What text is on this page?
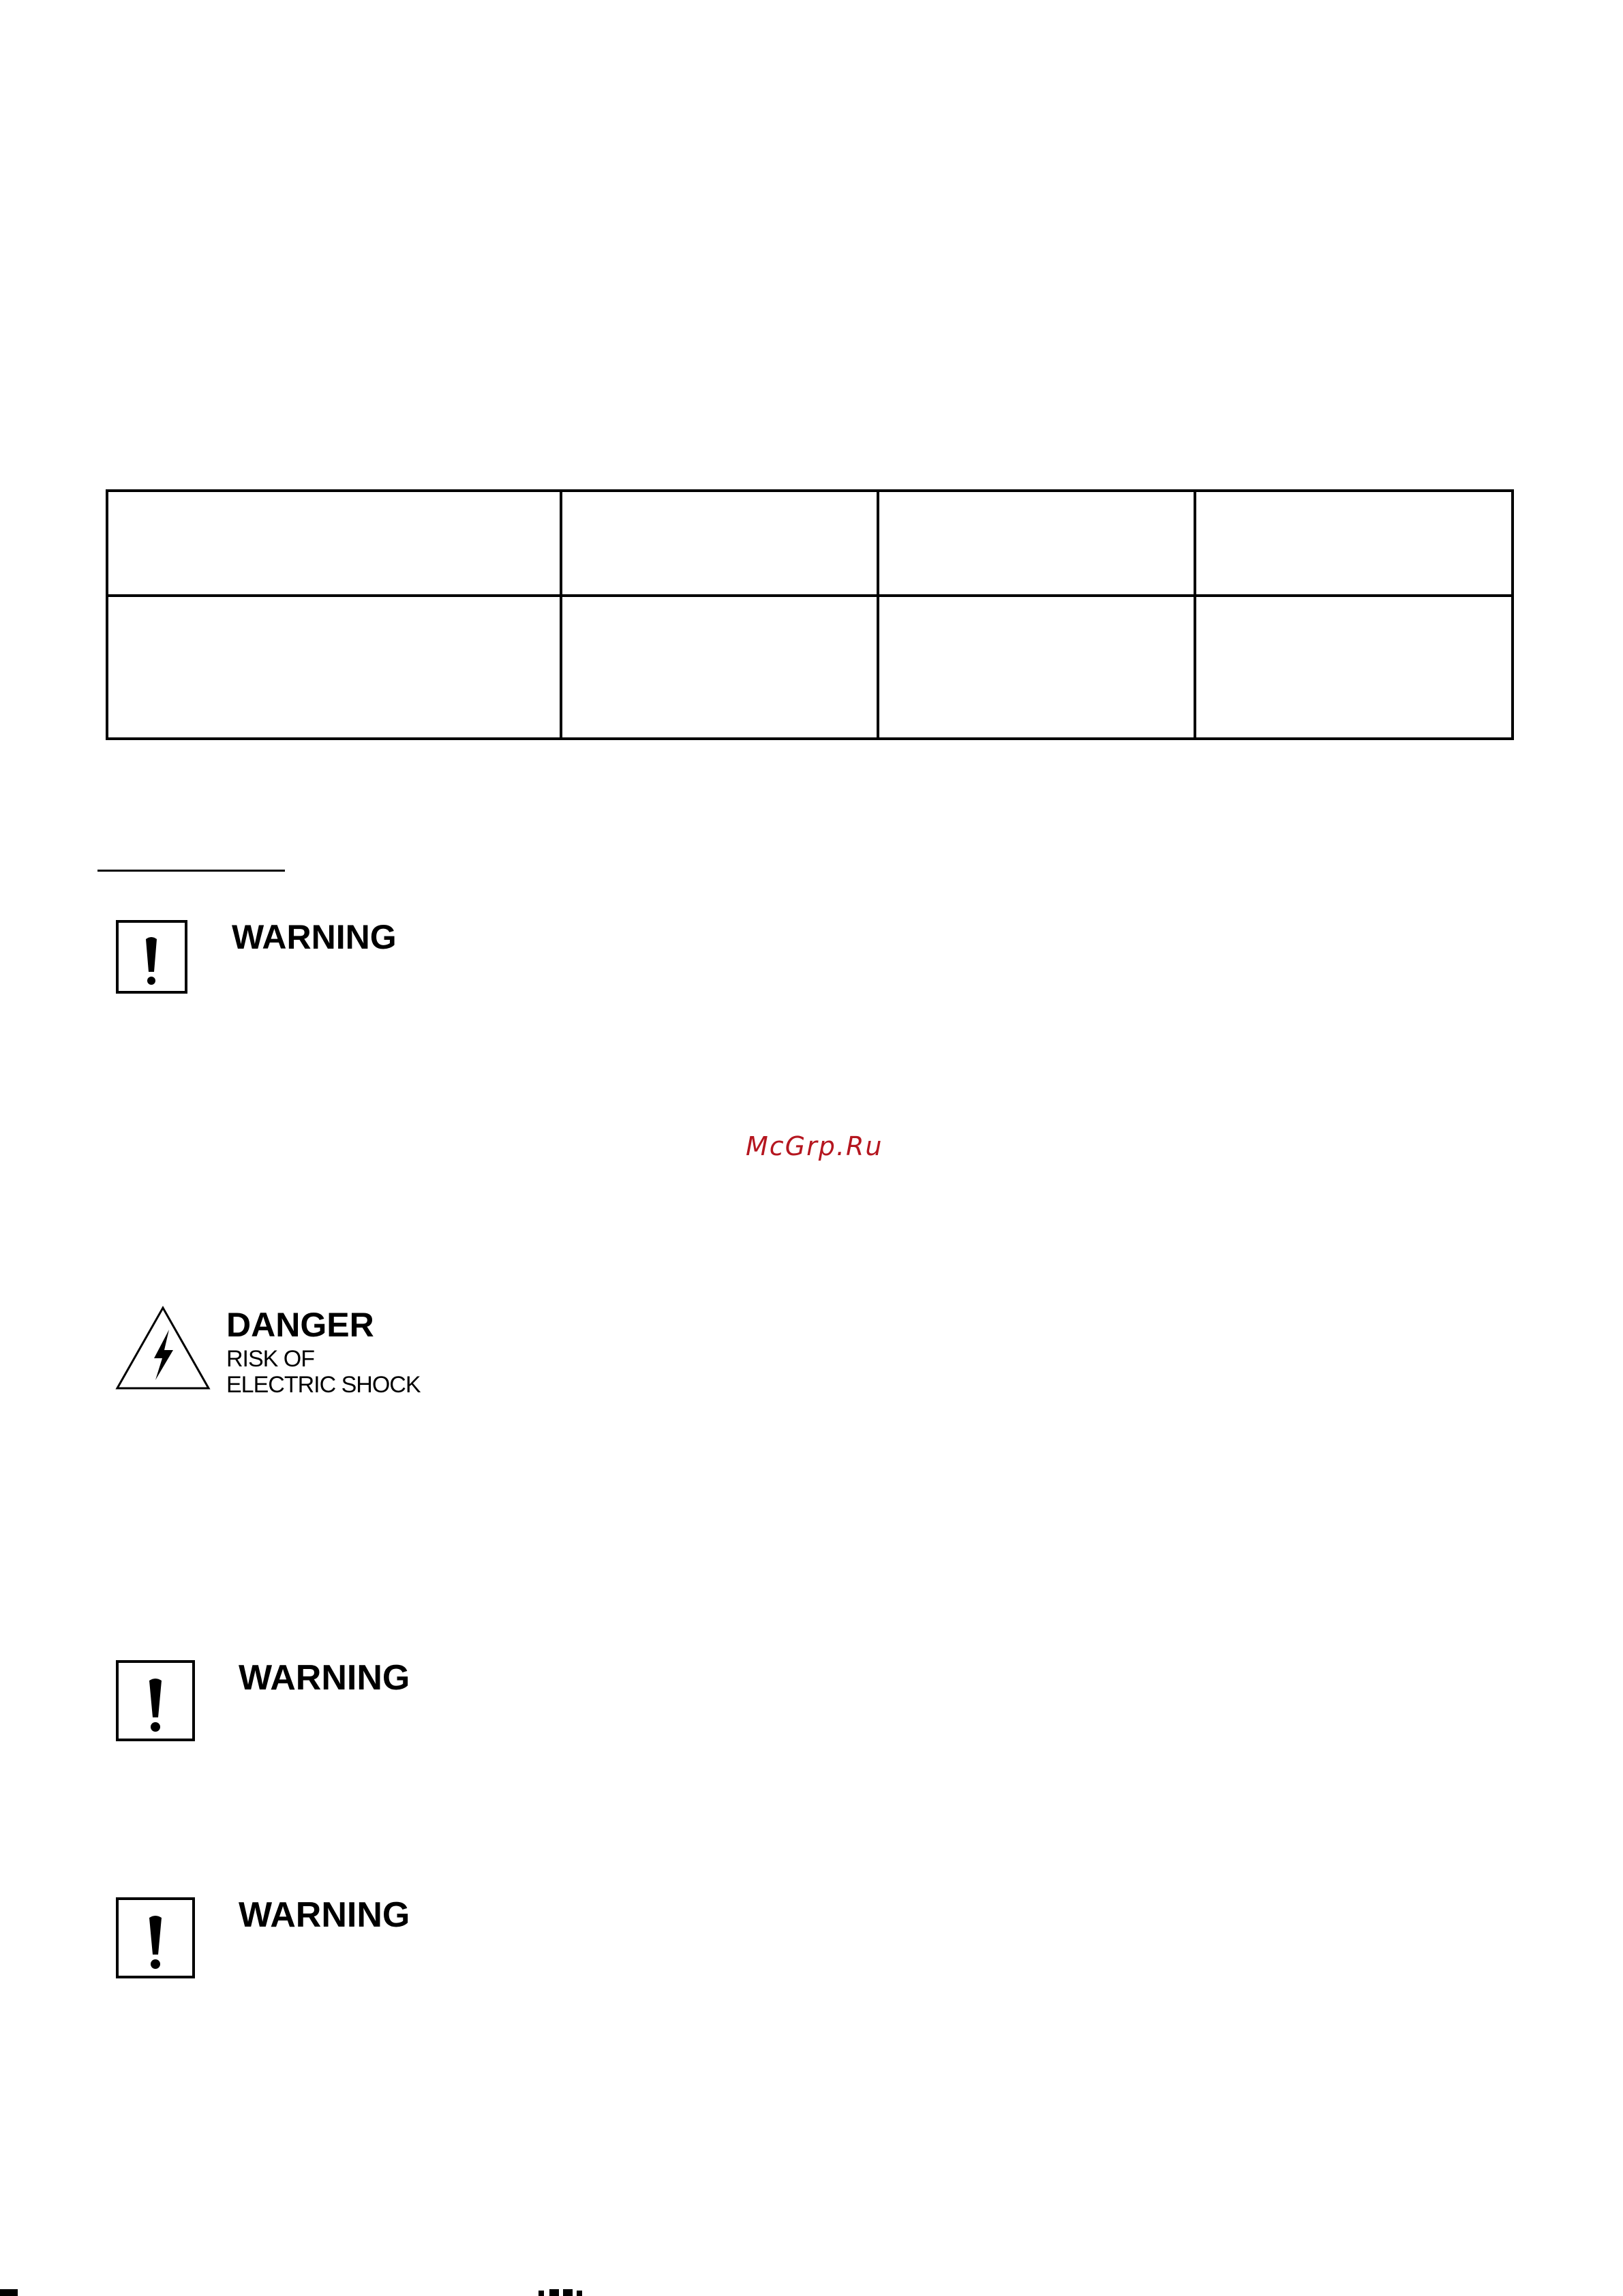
WARNING
McGrp.Ru
DANGER
RISK OF
ELECTRIC SHOCK
WARNING
WARNING
